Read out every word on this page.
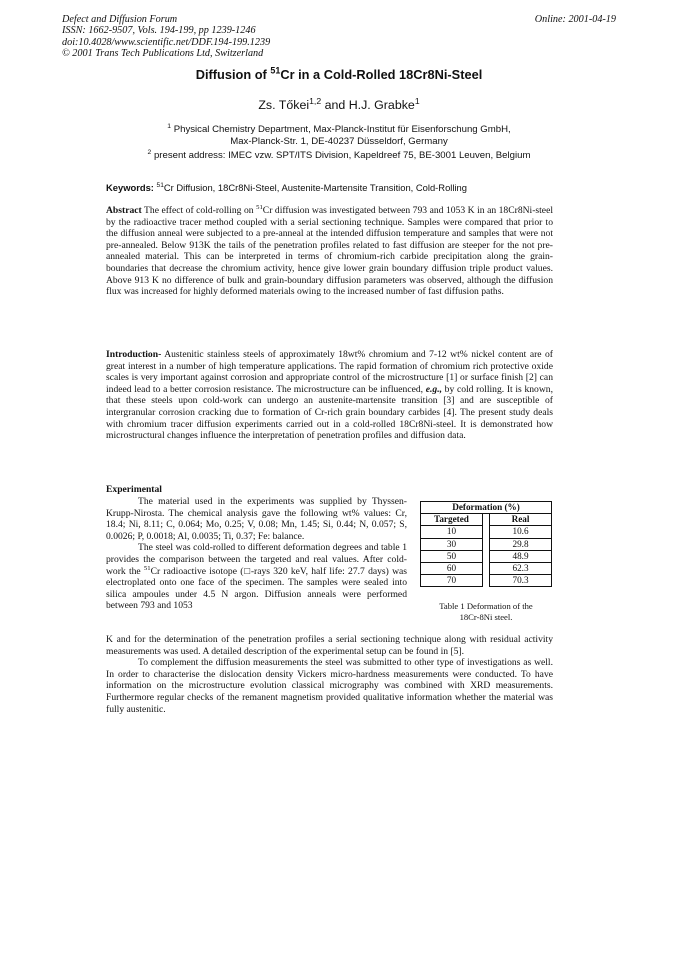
Defect and Diffusion Forum
ISSN: 1662-9507, Vols. 194-199, pp 1239-1246
doi:10.4028/www.scientific.net/DDF.194-199.1239
© 2001 Trans Tech Publications Ltd, Switzerland
Online: 2001-04-19
Diffusion of $^{51}$Cr in a Cold-Rolled 18Cr8Ni-Steel
Zs. Tőkei$^{1,2}$ and H.J. Grabke$^1$
$^1$ Physical Chemistry Department, Max-Planck-Institut für Eisenforschung GmbH,
Max-Planck-Str. 1, DE-40237 Düsseldorf, Germany
$^2$ present address: IMEC vzw. SPT/ITS Division, Kapeldreef 75, BE-3001 Leuven, Belgium
Keywords: $^{51}$Cr Diffusion, 18Cr8Ni-Steel, Austenite-Martensite Transition, Cold-Rolling

Abstract The effect of cold-rolling on $^{51}$Cr diffusion was investigated between 793 and 1053 K in an 18Cr8Ni-steel by the radioactive tracer method coupled with a serial sectioning technique. Samples were compared that prior to the diffusion anneal were subjected to a pre-anneal at the intended diffusion temperature and samples that were not pre-annealed. Below 913K the tails of the penetration profiles related to fast diffusion are steeper for the not pre-annealed material. This can be interpreted in terms of chromium-rich carbide precipitation along the grain-boundaries that decrease the chromium activity, hence give lower grain boundary diffusion triple product values. Above 913 K no difference of bulk and grain-boundary diffusion parameters was observed, although the diffusion flux was increased for highly deformed materials owing to the increased number of fast diffusion paths.

Introduction- Austenitic stainless steels of approximately 18wt% chromium and 7-12 wt% nickel content are of great interest in a number of high temperature applications. The rapid formation of chromium rich protective oxide scales is very important against corrosion and appropriate control of the microstructure [1] or surface finish [2] can indeed lead to a better corrosion resistance. The microstructure can be influenced, e.g., by cold rolling. It is known, that these steels upon cold-work can undergo an austenite-martensite transition [3] and are susceptible of intergranular corrosion cracking due to formation of Cr-rich grain boundary carbides [4]. The present study deals with chromium tracer diffusion experiments carried out in a cold-rolled 18Cr8Ni-steel. It is demonstrated how microstructural changes influence the interpretation of penetration profiles and diffusion data.

Experimental

The material used in the experiments was supplied by Thyssen-Krupp-Nirosta. The chemical analysis gave the following wt% values: Cr, 18.4; Ni, 8.11; C, 0.064; Mo, 0.25; V, 0.08; Mn, 1.45; Si, 0.44; N, 0.057; S, 0.0026; P, 0.0018; Al, 0.0035; Ti, 0.37; Fe: balance.

The steel was cold-rolled to different deformation degrees and table 1 provides the comparison between the targeted and real values. After cold-work the $^{51}$Cr radioactive isotope (□-rays 320 keV, half life: 27.7 days) was electroplated onto one face of the specimen. The samples were sealed into silica ampoules under 4.5 N argon. Diffusion anneals were performed between 793 and 1053

Deformation (%)		
Targeted		Real
10		10.6
30		29.8
50		48.9
60		62.3
70		70.3
Table 1 Deformation of the
18Cr-8Ni steel.

K and for the determination of the penetration profiles a serial sectioning technique along with residual activity measurements was used. A detailed description of the experimental setup can be found in [5].

To complement the diffusion measurements the steel was submitted to other type of investigations as well. In order to characterise the dislocation density Vickers micro-hardness measurements were conducted. To have information on the microstructure evolution classical micrography was combined with XRD measurements. Furthermore regular checks of the remanent magnetism provided qualitative information whether the material was fully austenitic.
